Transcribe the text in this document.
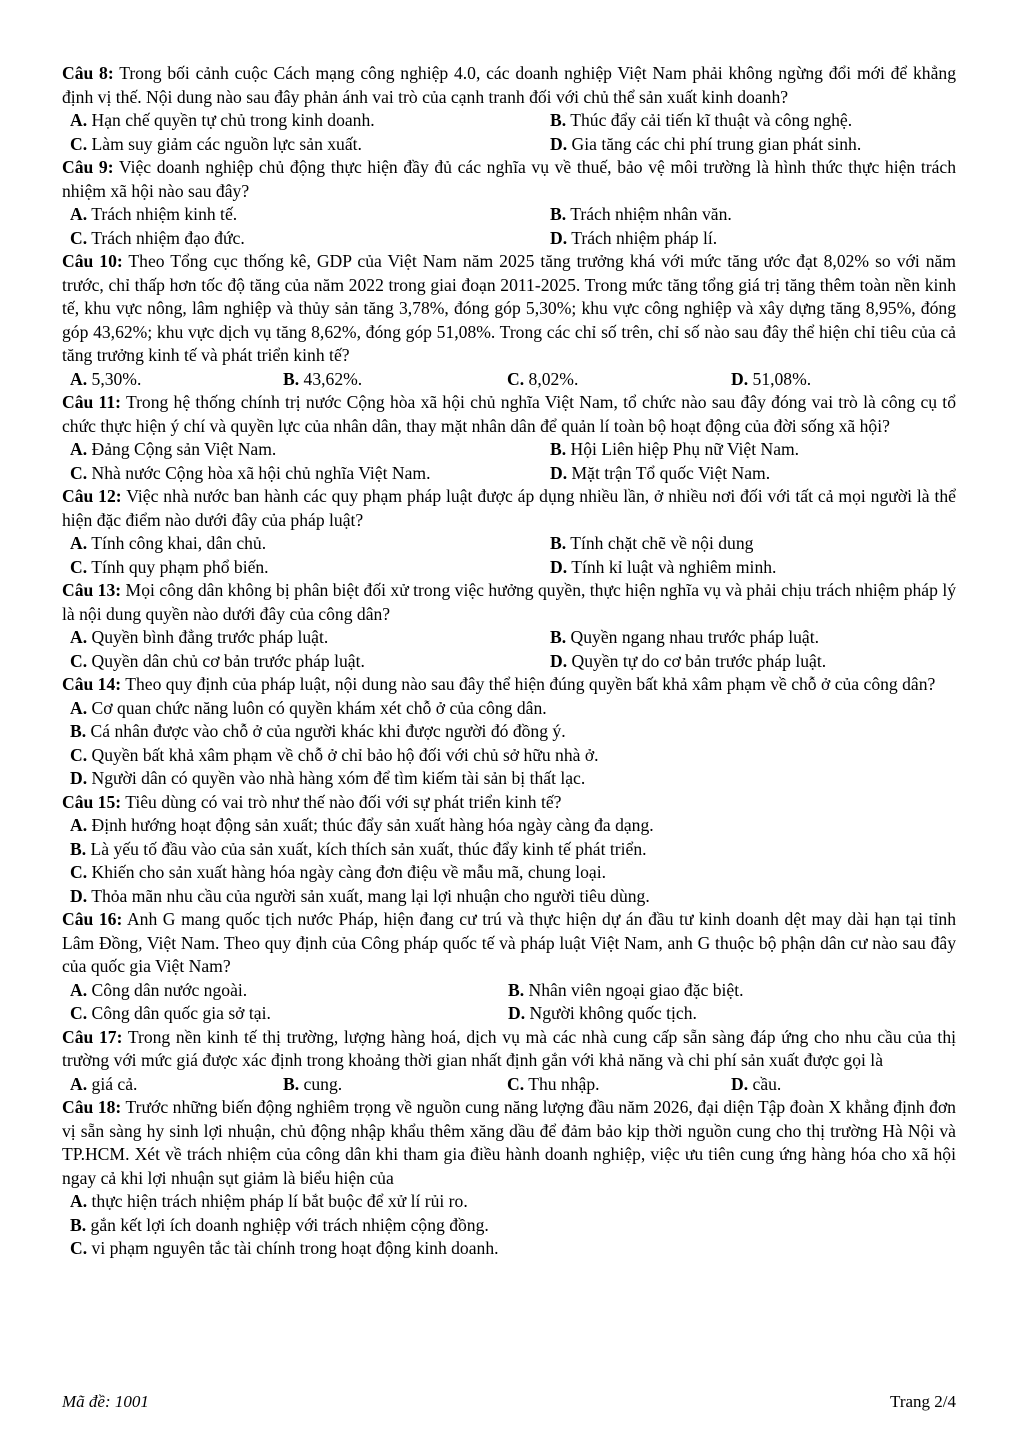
Câu 8: Trong bối cảnh cuộc Cách mạng công nghiệp 4.0, các doanh nghiệp Việt Nam phải không ngừng đổi mới để khẳng định vị thế. Nội dung nào sau đây phản ánh vai trò của cạnh tranh đối với chủ thể sản xuất kinh doanh?
A. Hạn chế quyền tự chủ trong kinh doanh.	B. Thúc đẩy cải tiến kĩ thuật và công nghệ.
C. Làm suy giảm các nguồn lực sản xuất.	D. Gia tăng các chi phí trung gian phát sinh.
Câu 9: Việc doanh nghiệp chủ động thực hiện đầy đủ các nghĩa vụ về thuế, bảo vệ môi trường là hình thức thực hiện trách nhiệm xã hội nào sau đây?
A. Trách nhiệm kinh tế.	B. Trách nhiệm nhân văn.
C. Trách nhiệm đạo đức.	D. Trách nhiệm pháp lí.
Câu 10: Theo Tổng cục thống kê, GDP của Việt Nam năm 2025 tăng trưởng khá với mức tăng ước đạt 8,02% so với năm trước, chỉ thấp hơn tốc độ tăng của năm 2022 trong giai đoạn 2011-2025. Trong mức tăng tổng giá trị tăng thêm toàn nền kinh tế, khu vực nông, lâm nghiệp và thủy sản tăng 3,78%, đóng góp 5,30%; khu vực công nghiệp và xây dựng tăng 8,95%, đóng góp 43,62%; khu vực dịch vụ tăng 8,62%, đóng góp 51,08%. Trong các chỉ số trên, chỉ số nào sau đây thể hiện chỉ tiêu của cả tăng trưởng kinh tế và phát triển kinh tế?
A. 5,30%.	B. 43,62%.	C. 8,02%.	D. 51,08%.
Câu 11: Trong hệ thống chính trị nước Cộng hòa xã hội chủ nghĩa Việt Nam, tổ chức nào sau đây đóng vai trò là công cụ tổ chức thực hiện ý chí và quyền lực của nhân dân, thay mặt nhân dân để quản lí toàn bộ hoạt động của đời sống xã hội?
A. Đảng Cộng sản Việt Nam.	B. Hội Liên hiệp Phụ nữ Việt Nam.
C. Nhà nước Cộng hòa xã hội chủ nghĩa Việt Nam.	D. Mặt trận Tổ quốc Việt Nam.
Câu 12: Việc nhà nước ban hành các quy phạm pháp luật được áp dụng nhiều lần, ở nhiều nơi đối với tất cả mọi người là thể hiện đặc điểm nào dưới đây của pháp luật?
A. Tính công khai, dân chủ.	B. Tính chặt chẽ về nội dung
C. Tính quy phạm phổ biến.	D. Tính kỉ luật và nghiêm minh.
Câu 13: Mọi công dân không bị phân biệt đối xử trong việc hưởng quyền, thực hiện nghĩa vụ và phải chịu trách nhiệm pháp lý là nội dung quyền nào dưới đây của công dân?
A. Quyền bình đẳng trước pháp luật.	B. Quyền ngang nhau trước pháp luật.
C. Quyền dân chủ cơ bản trước pháp luật.	D. Quyền tự do cơ bản trước pháp luật.
Câu 14: Theo quy định của pháp luật, nội dung nào sau đây thể hiện đúng quyền bất khả xâm phạm về chỗ ở của công dân?
A. Cơ quan chức năng luôn có quyền khám xét chỗ ở của công dân.
B. Cá nhân được vào chỗ ở của người khác khi được người đó đồng ý.
C. Quyền bất khả xâm phạm về chỗ ở chỉ bảo hộ đối với chủ sở hữu nhà ở.
D. Người dân có quyền vào nhà hàng xóm để tìm kiếm tài sản bị thất lạc.
Câu 15: Tiêu dùng có vai trò như thế nào đối với sự phát triển kinh tế?
A. Định hướng hoạt động sản xuất; thúc đẩy sản xuất hàng hóa ngày càng đa dạng.
B. Là yếu tố đầu vào của sản xuất, kích thích sản xuất, thúc đẩy kinh tế phát triển.
C. Khiến cho sản xuất hàng hóa ngày càng đơn điệu về mẫu mã, chung loại.
D. Thỏa mãn nhu cầu của người sản xuất, mang lại lợi nhuận cho người tiêu dùng.
Câu 16: Anh G mang quốc tịch nước Pháp, hiện đang cư trú và thực hiện dự án đầu tư kinh doanh dệt may dài hạn tại tỉnh Lâm Đồng, Việt Nam. Theo quy định của Công pháp quốc tế và pháp luật Việt Nam, anh G thuộc bộ phận dân cư nào sau đây của quốc gia Việt Nam?
A. Công dân nước ngoài.	B. Nhân viên ngoại giao đặc biệt.
C. Công dân quốc gia sở tại.	D. Người không quốc tịch.
Câu 17: Trong nền kinh tế thị trường, lượng hàng hoá, dịch vụ mà các nhà cung cấp sẵn sàng đáp ứng cho nhu cầu của thị trường với mức giá được xác định trong khoảng thời gian nhất định gắn với khả năng và chi phí sản xuất được gọi là
A. giá cả.	B. cung.	C. Thu nhập.	D. cầu.
Câu 18: Trước những biến động nghiêm trọng về nguồn cung năng lượng đầu năm 2026, đại diện Tập đoàn X khẳng định đơn vị sẵn sàng hy sinh lợi nhuận, chủ động nhập khẩu thêm xăng dầu để đảm bảo kịp thời nguồn cung cho thị trường Hà Nội và TP.HCM. Xét về trách nhiệm của công dân khi tham gia điều hành doanh nghiệp, việc ưu tiên cung ứng hàng hóa cho xã hội ngay cả khi lợi nhuận sụt giảm là biểu hiện của
A. thực hiện trách nhiệm pháp lí bắt buộc để xử lí rủi ro.
B. gắn kết lợi ích doanh nghiệp với trách nhiệm cộng đồng.
C. vi phạm nguyên tắc tài chính trong hoạt động kinh doanh.
Mã đề: 1001	Trang 2/4
